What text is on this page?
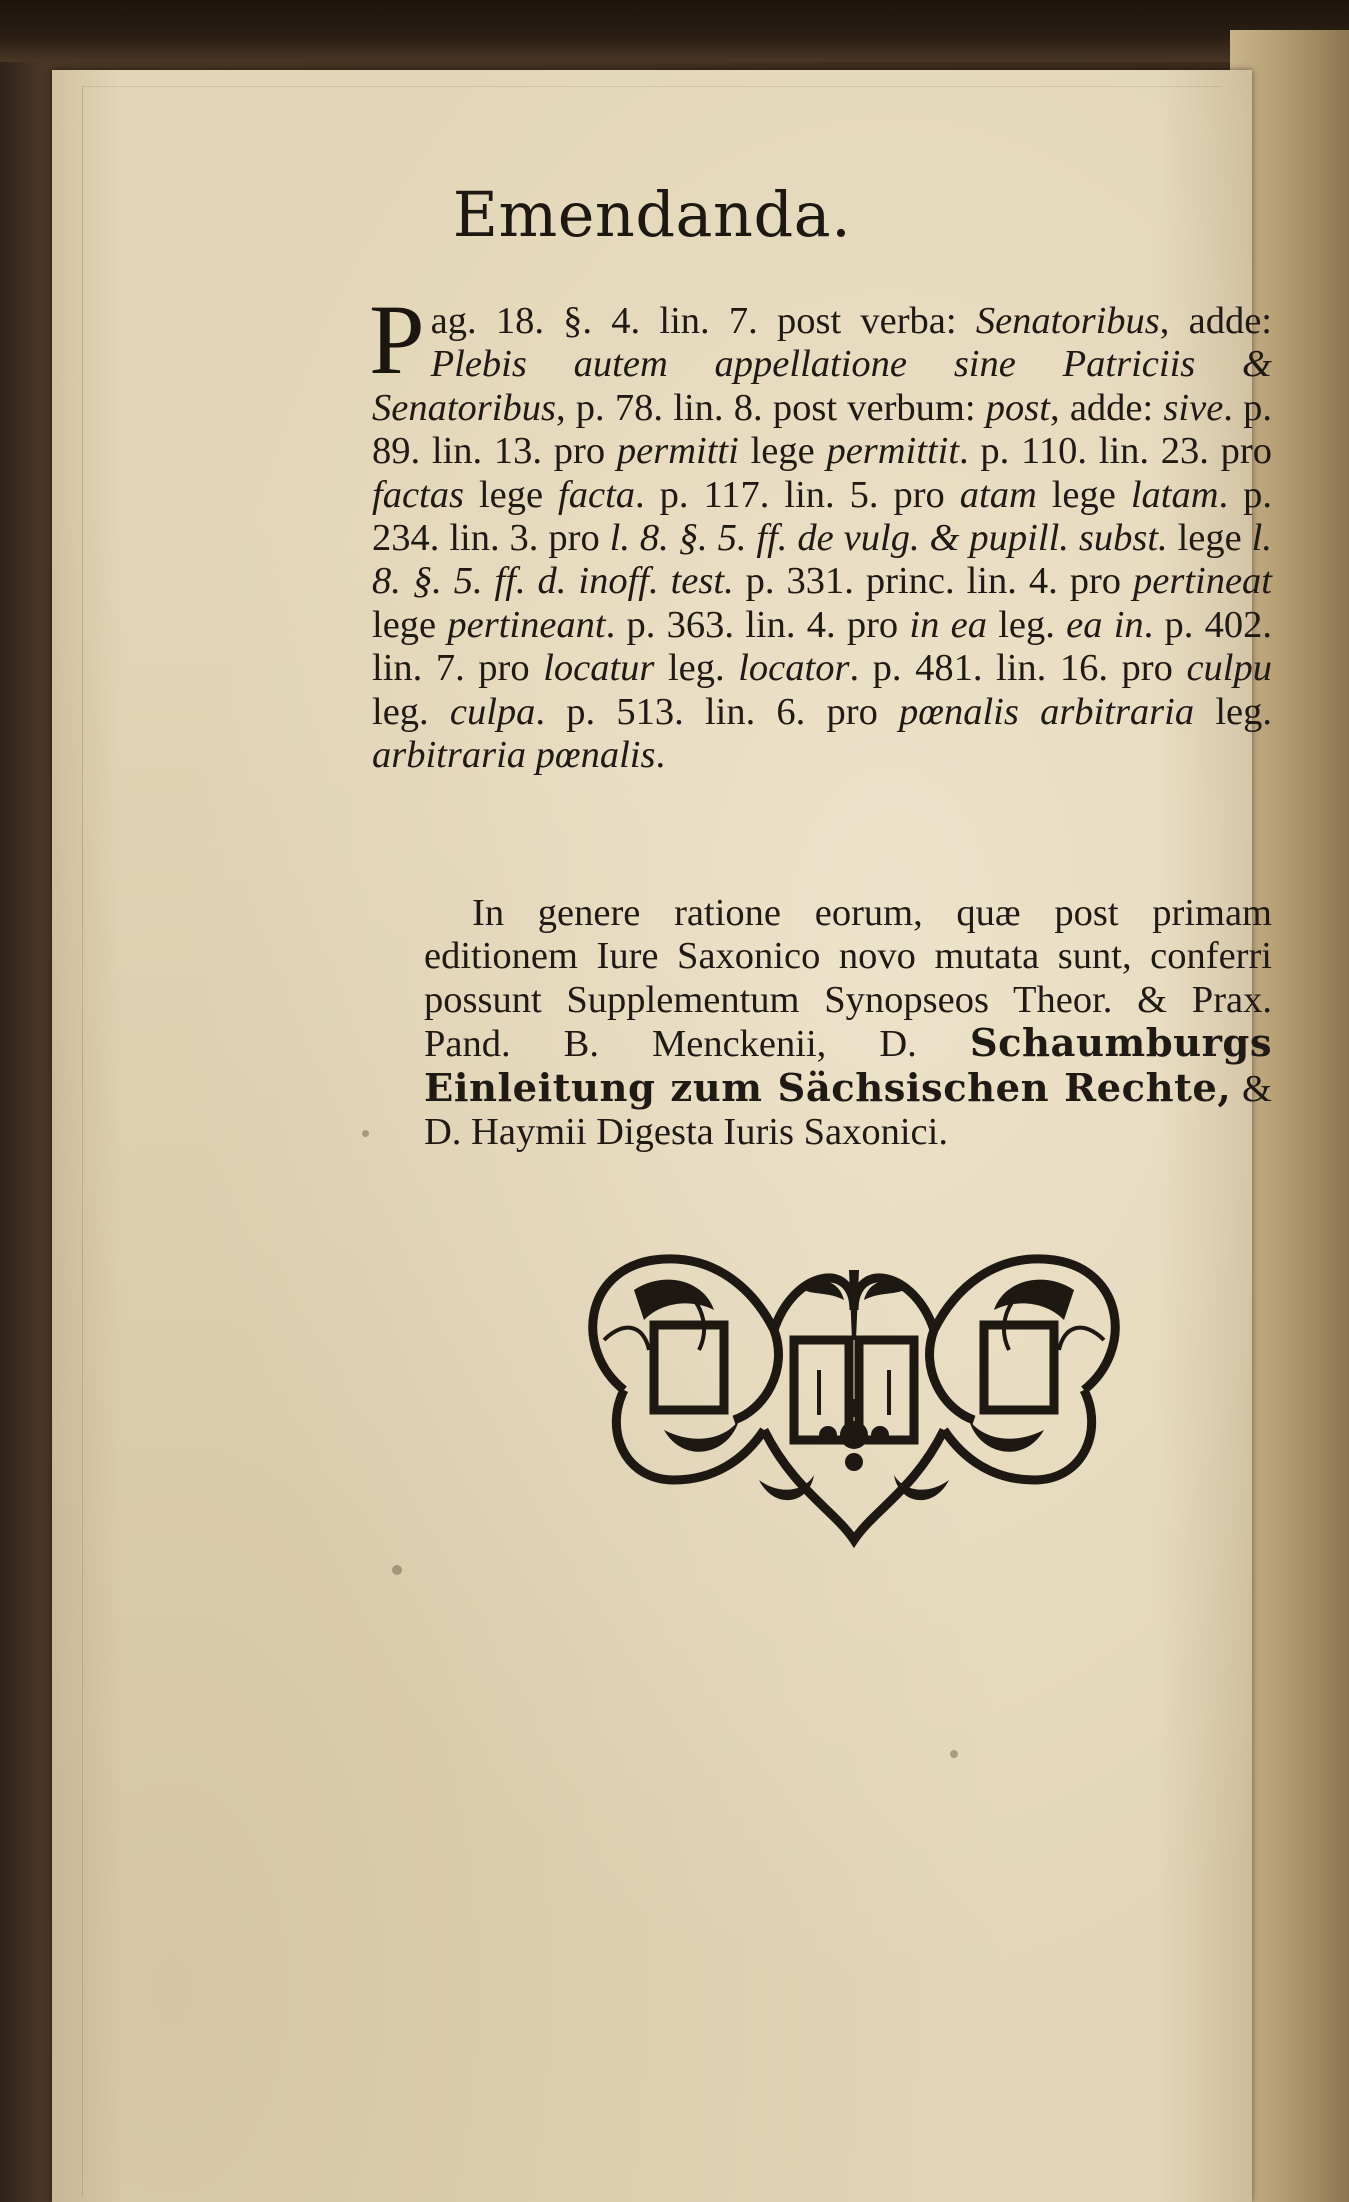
Emendanda.
P ag. 18. §. 4. lin. 7. post verba: Senatoribus, adde: Plebis autem appellatione sine Patriciis & Senatoribus, p. 78. lin. 8. post verbum: post, adde: sive. p. 89. lin. 13. pro permitti lege permittit. p. 110. lin. 23. pro factas lege facta. p. 117. lin. 5. pro atam lege latam. p. 234. lin. 3. pro l. 8. §. 5. ff. de vulg. & pupill. subst. lege l. 8. §. 5. ff. d. inoff. test. p. 331. princ. lin. 4. pro pertineat lege pertineant. p. 363. lin. 4. pro in ea leg. ea in. p. 402. lin. 7. pro locatur leg. locator. p. 481. lin. 16. pro culpu leg. culpa. p. 513. lin. 6. pro pœnalis arbitraria leg. arbitraria pœnalis.
In genere ratione eorum, quæ post primam editionem Iure Saxonico novo mutata sunt, conferri possunt Supplementum Synopseos Theor. & Prax. Pand. B. Menckenii, D. Schaumburgs Einleitung zum Sächsischen Rechte, & D. Haymii Digesta Iuris Saxonici.
